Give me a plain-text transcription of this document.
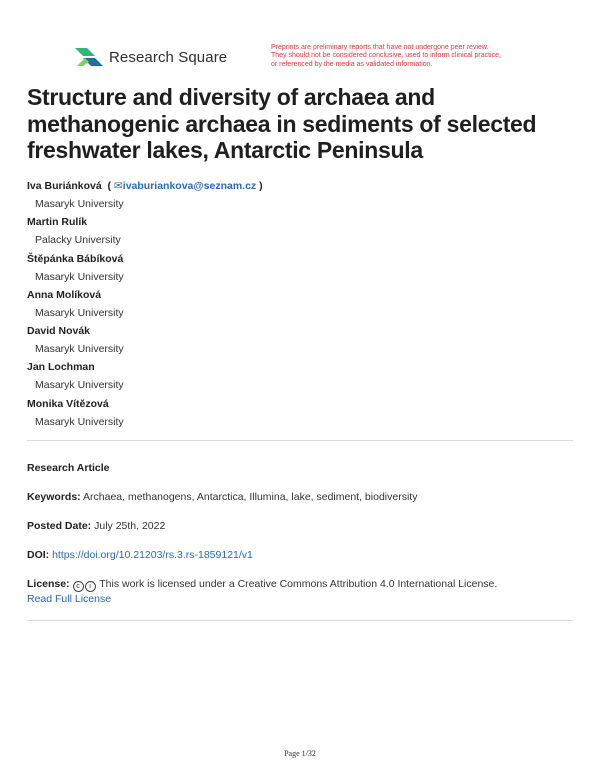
Research Square
Preprints are preliminary reports that have not undergone peer review.
They should not be considered conclusive, used to inform clinical practice,
or referenced by the media as validated information.
Structure and diversity of archaea and
methanogenic archaea in sediments of selected
freshwater lakes, Antarctic Peninsula
Iva Buriánková  ( ✉ivaburiankova@seznam.cz )
Masaryk University
Martin Rulík
Palacky University
Štěpánka Bábíková
Masaryk University
Anna Molíková
Masaryk University
David Novák
Masaryk University
Jan Lochman
Masaryk University
Monika Vítězová
Masaryk University
Research Article
Keywords: Archaea, methanogens, Antarctica, Illumina, lake, sediment, biodiversity
Posted Date: July 25th, 2022
DOI: https://doi.org/10.21203/rs.3.rs-1859121/v1
License: c i This work is licensed under a Creative Commons Attribution 4.0 International License.
Read Full License
Page 1/32
